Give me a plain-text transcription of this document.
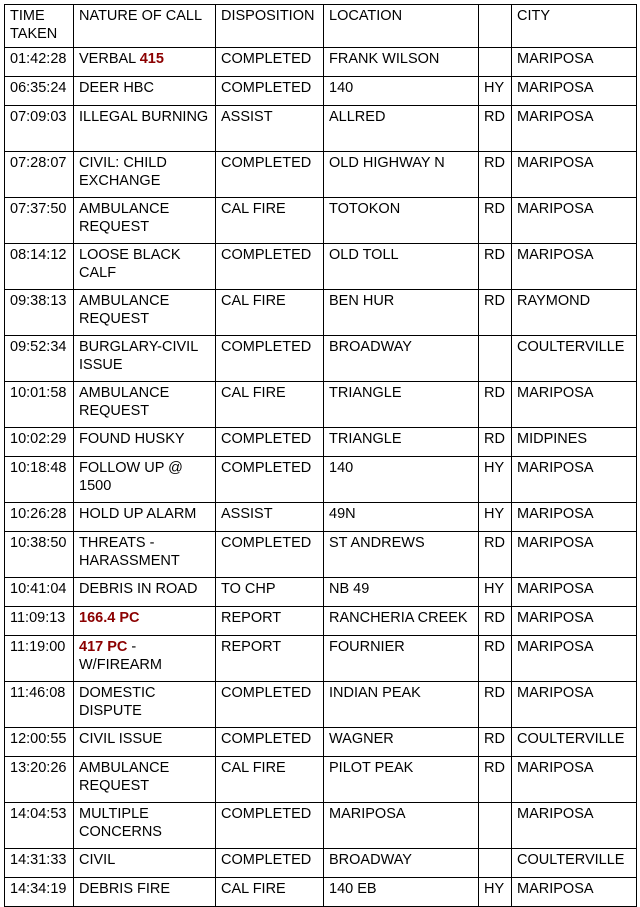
TIME TAKEN	NATURE OF CALL	DISPOSITION	LOCATION		CITY
01:42:28	VERBAL 415	COMPLETED	FRANK WILSON		MARIPOSA
06:35:24	DEER HBC	COMPLETED	140	HY	MARIPOSA
07:09:03	ILLEGAL BURNING	ASSIST	ALLRED	RD	MARIPOSA
07:28:07	CIVIL: CHILD EXCHANGE	COMPLETED	OLD HIGHWAY N	RD	MARIPOSA
07:37:50	AMBULANCE REQUEST	CAL FIRE	TOTOKON	RD	MARIPOSA
08:14:12	LOOSE BLACK CALF	COMPLETED	OLD TOLL	RD	MARIPOSA
09:38:13	AMBULANCE REQUEST	CAL FIRE	BEN HUR	RD	RAYMOND
09:52:34	BURGLARY-CIVIL ISSUE	COMPLETED	BROADWAY		COULTERVILLE
10:01:58	AMBULANCE REQUEST	CAL FIRE	TRIANGLE	RD	MARIPOSA
10:02:29	FOUND HUSKY	COMPLETED	TRIANGLE	RD	MIDPINES
10:18:48	FOLLOW UP @ 1500	COMPLETED	140	HY	MARIPOSA
10:26:28	HOLD UP ALARM	ASSIST	49N	HY	MARIPOSA
10:38:50	THREATS - HARASSMENT	COMPLETED	ST ANDREWS	RD	MARIPOSA
10:41:04	DEBRIS IN ROAD	TO CHP	NB 49	HY	MARIPOSA
11:09:13	166.4 PC	REPORT	RANCHERIA CREEK	RD	MARIPOSA
11:19:00	417 PC - W/FIREARM	REPORT	FOURNIER	RD	MARIPOSA
11:46:08	DOMESTIC DISPUTE	COMPLETED	INDIAN PEAK	RD	MARIPOSA
12:00:55	CIVIL ISSUE	COMPLETED	WAGNER	RD	COULTERVILLE
13:20:26	AMBULANCE REQUEST	CAL FIRE	PILOT PEAK	RD	MARIPOSA
14:04:53	MULTIPLE CONCERNS	COMPLETED	MARIPOSA		MARIPOSA
14:31:33	CIVIL	COMPLETED	BROADWAY		COULTERVILLE
14:34:19	DEBRIS FIRE	CAL FIRE	140 EB	HY	MARIPOSA
